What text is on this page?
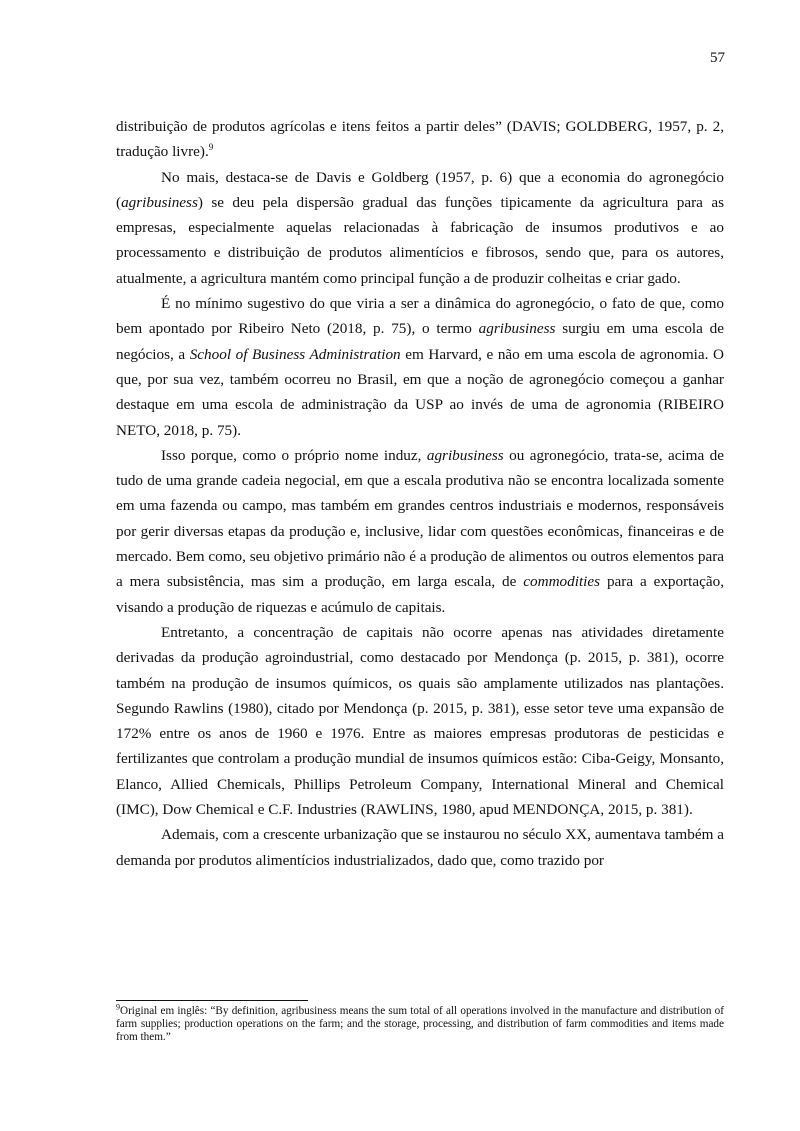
57

distribuição de produtos agrícolas e itens feitos a partir deles” (DAVIS; GOLDBERG, 1957, p. 2, tradução livre).$^9$

No mais, destaca-se de Davis e Goldberg (1957, p. 6) que a economia do agronegócio (agribusiness) se deu pela dispersão gradual das funções tipicamente da agricultura para as empresas, especialmente aquelas relacionadas à fabricação de insumos produtivos e ao processamento e distribuição de produtos alimentícios e fibrosos, sendo que, para os autores, atualmente, a agricultura mantém como principal função a de produzir colheitas e criar gado.

É no mínimo sugestivo do que viria a ser a dinâmica do agronegócio, o fato de que, como bem apontado por Ribeiro Neto (2018, p. 75), o termo agribusiness surgiu em uma escola de negócios, a School of Business Administration em Harvard, e não em uma escola de agronomia. O que, por sua vez, também ocorreu no Brasil, em que a noção de agronegócio começou a ganhar destaque em uma escola de administração da USP ao invés de uma de agronomia (RIBEIRO NETO, 2018, p. 75).

Isso porque, como o próprio nome induz, agribusiness ou agronegócio, trata-se, acima de tudo de uma grande cadeia negocial, em que a escala produtiva não se encontra localizada somente em uma fazenda ou campo, mas também em grandes centros industriais e modernos, responsáveis por gerir diversas etapas da produção e, inclusive, lidar com questões econômicas, financeiras e de mercado. Bem como, seu objetivo primário não é a produção de alimentos ou outros elementos para a mera subsistência, mas sim a produção, em larga escala, de commodities para a exportação, visando a produção de riquezas e acúmulo de capitais.

Entretanto, a concentração de capitais não ocorre apenas nas atividades diretamente derivadas da produção agroindustrial, como destacado por Mendonça (p. 2015, p. 381), ocorre também na produção de insumos químicos, os quais são amplamente utilizados nas plantações. Segundo Rawlins (1980), citado por Mendonça (p. 2015, p. 381), esse setor teve uma expansão de 172% entre os anos de 1960 e 1976. Entre as maiores empresas produtoras de pesticidas e fertilizantes que controlam a produção mundial de insumos químicos estão: Ciba-Geigy, Monsanto, Elanco, Allied Chemicals, Phillips Petroleum Company, International Mineral and Chemical (IMC), Dow Chemical e C.F. Industries (RAWLINS, 1980, apud MENDONÇA, 2015, p. 381).

Ademais, com a crescente urbanização que se instaurou no século XX, aumentava também a demanda por produtos alimentícios industrializados, dado que, como trazido por

$^9$Original em inglês: “By definition, agribusiness means the sum total of all operations involved in the manufacture and distribution of farm supplies; production operations on the farm; and the storage, processing, and distribution of farm commodities and items made from them.”
